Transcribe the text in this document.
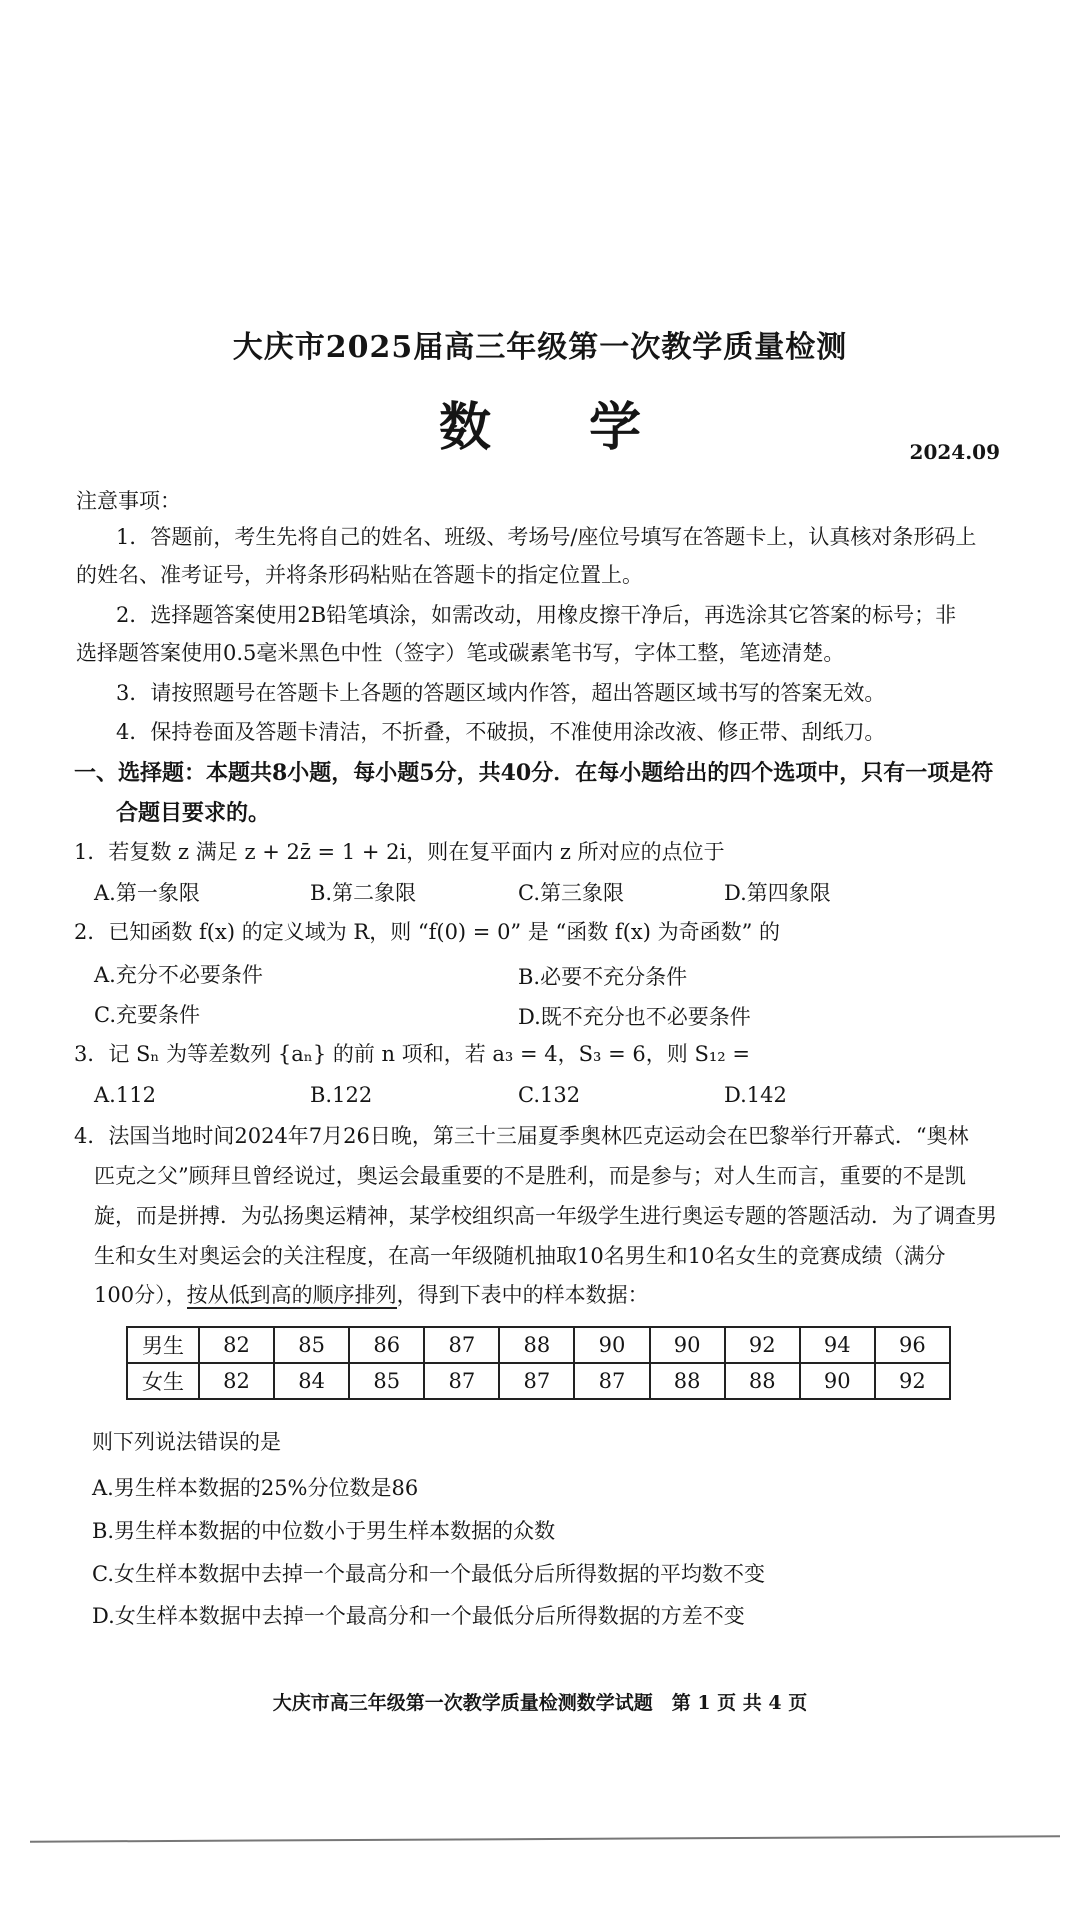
大庆市2025届高三年级第一次教学质量检测
数 学	2024.09
注意事项：
1．答题前，考生先将自己的姓名、班级、考场号/座位号填写在答题卡上，认真核对条形码上
的姓名、准考证号，并将条形码粘贴在答题卡的指定位置上。
2．选择题答案使用2B铅笔填涂，如需改动，用橡皮擦干净后，再选涂其它答案的标号；非
选择题答案使用0.5毫米黑色中性（签字）笔或碳素笔书写，字体工整，笔迹清楚。
3．请按照题号在答题卡上各题的答题区域内作答，超出答题区域书写的答案无效。
4．保持卷面及答题卡清洁，不折叠，不破损，不准使用涂改液、修正带、刮纸刀。
一、选择题：本题共8小题，每小题5分，共40分．在每小题给出的四个选项中，只有一项是符
合题目要求的。
1．若复数 z 满足 z + 2z̄ = 1 + 2i，则在复平面内 z 所对应的点位于
A.第一象限	B.第二象限	C.第三象限	D.第四象限
2．已知函数 f(x) 的定义域为 R，则 “f(0) = 0” 是 “函数 f(x) 为奇函数” 的
A.充分不必要条件	B.必要不充分条件
C.充要条件	D.既不充分也不必要条件
3．记 Sₙ 为等差数列 {aₙ} 的前 n 项和，若 a₃ = 4，S₃ = 6，则 S₁₂ =
A.112	B.122	C.132	D.142
4．法国当地时间2024年7月26日晚，第三十三届夏季奥林匹克运动会在巴黎举行开幕式．“奥林
匹克之父”顾拜旦曾经说过，奥运会最重要的不是胜利，而是参与；对人生而言，重要的不是凯
旋，而是拼搏．为弘扬奥运精神，某学校组织高一年级学生进行奥运专题的答题活动．为了调查男
生和女生对奥运会的关注程度，在高一年级随机抽取10名男生和10名女生的竞赛成绩（满分
100分），按从低到高的顺序排列，得到下表中的样本数据：
男生	82	85	86	87	88	90	90	92	94	96
女生	82	84	85	87	87	87	88	88	90	92
则下列说法错误的是
A.男生样本数据的25%分位数是86
B.男生样本数据的中位数小于男生样本数据的众数
C.女生样本数据中去掉一个最高分和一个最低分后所得数据的平均数不变
D.女生样本数据中去掉一个最高分和一个最低分后所得数据的方差不变
大庆市高三年级第一次教学质量检测数学试题　第 1 页 共 4 页
